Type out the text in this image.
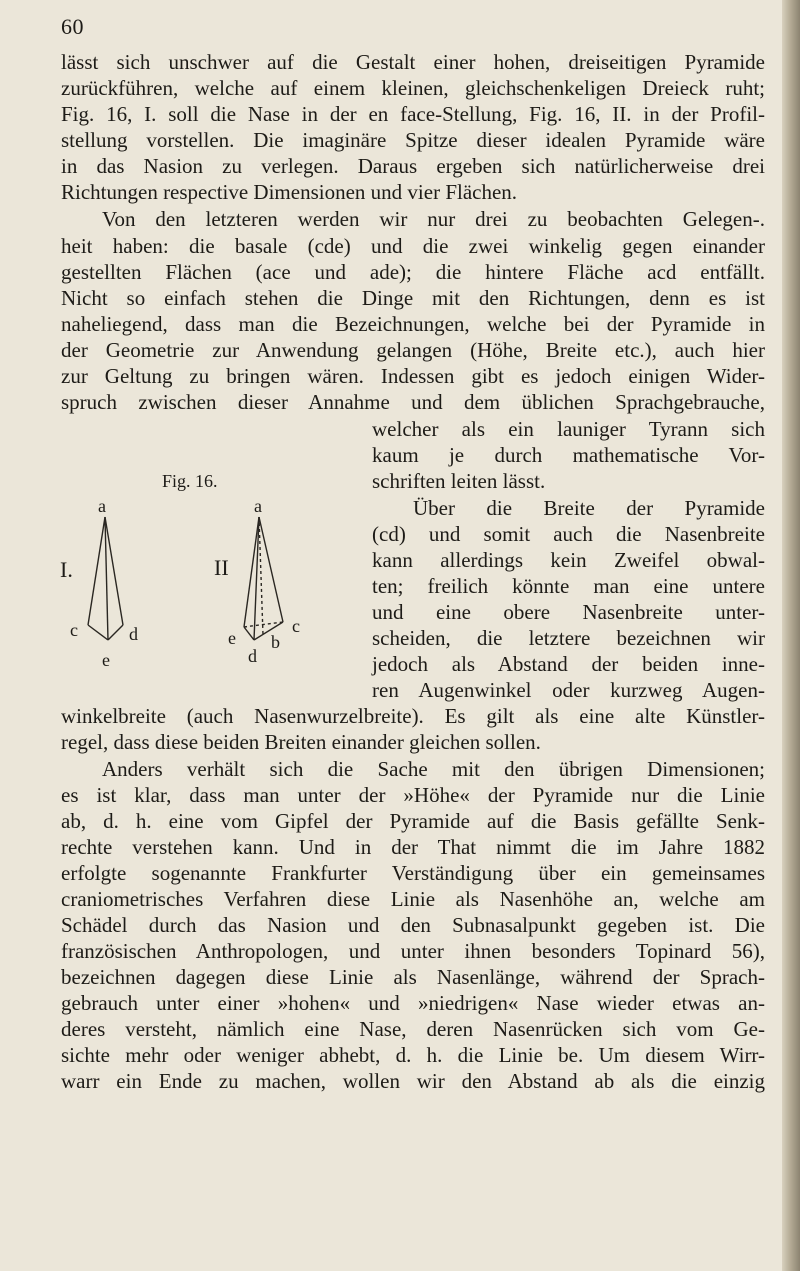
60
lässt sich unschwer auf die Gestalt einer hohen, dreiseitigen Pyramide
zurückführen, welche auf einem kleinen, gleichschenkeligen Dreieck ruht;
Fig. 16, I. soll die Nase in der en face-Stellung, Fig. 16, II. in der Profil-
stellung vorstellen. Die imaginäre Spitze dieser idealen Pyramide wäre
in das Nasion zu verlegen. Daraus ergeben sich natürlicherweise drei
Richtungen respective Dimensionen und vier Flächen.
Von den letzteren werden wir nur drei zu beobachten Gelegen-.
heit haben: die basale (cde) und die zwei winkelig gegen einander
gestellten Flächen (ace und ade); die hintere Fläche acd entfällt.
Nicht so einfach stehen die Dinge mit den Richtungen, denn es ist
naheliegend, dass man die Bezeichnungen, welche bei der Pyramide in
der Geometrie zur Anwendung gelangen (Höhe, Breite etc.), auch hier
zur Geltung zu bringen wären. Indessen gibt es jedoch einigen Wider-
spruch zwischen dieser Annahme und dem üblichen Sprachgebrauche,
welcher als ein launiger Tyrann sich
kaum je durch mathematische Vor-
schriften leiten lässt.
Über die Breite der Pyramide
(cd) und somit auch die Nasenbreite
kann allerdings kein Zweifel obwal-
ten; freilich könnte man eine untere
und eine obere Nasenbreite unter-
scheiden, die letztere bezeichnen wir
jedoch als Abstand der beiden inne-
ren Augenwinkel oder kurzweg Augen-
winkelbreite (auch Nasenwurzelbreite). Es gilt als eine alte Künstler-
regel, dass diese beiden Breiten einander gleichen sollen.
Anders verhält sich die Sache mit den übrigen Dimensionen;
es ist klar, dass man unter der »Höhe« der Pyramide nur die Linie
ab, d. h. eine vom Gipfel der Pyramide auf die Basis gefällte Senk-
rechte verstehen kann. Und in der That nimmt die im Jahre 1882
erfolgte sogenannte Frankfurter Verständigung über ein gemeinsames
craniometrisches Verfahren diese Linie als Nasenhöhe an, welche am
Schädel durch das Nasion und den Subnasalpunkt gegeben ist. Die
französischen Anthropologen, und unter ihnen besonders Topinard 56),
bezeichnen dagegen diese Linie als Nasenlänge, während der Sprach-
gebrauch unter einer »hohen« und »niedrigen« Nase wieder etwas an-
deres versteht, nämlich eine Nase, deren Nasenrücken sich vom Ge-
sichte mehr oder weniger abhebt, d. h. die Linie be. Um diesem Wirr-
warr ein Ende zu machen, wollen wir den Abstand ab als die einzig
Fig. 16.
a
I.
c	d
e
a
II
c
b
e
d
